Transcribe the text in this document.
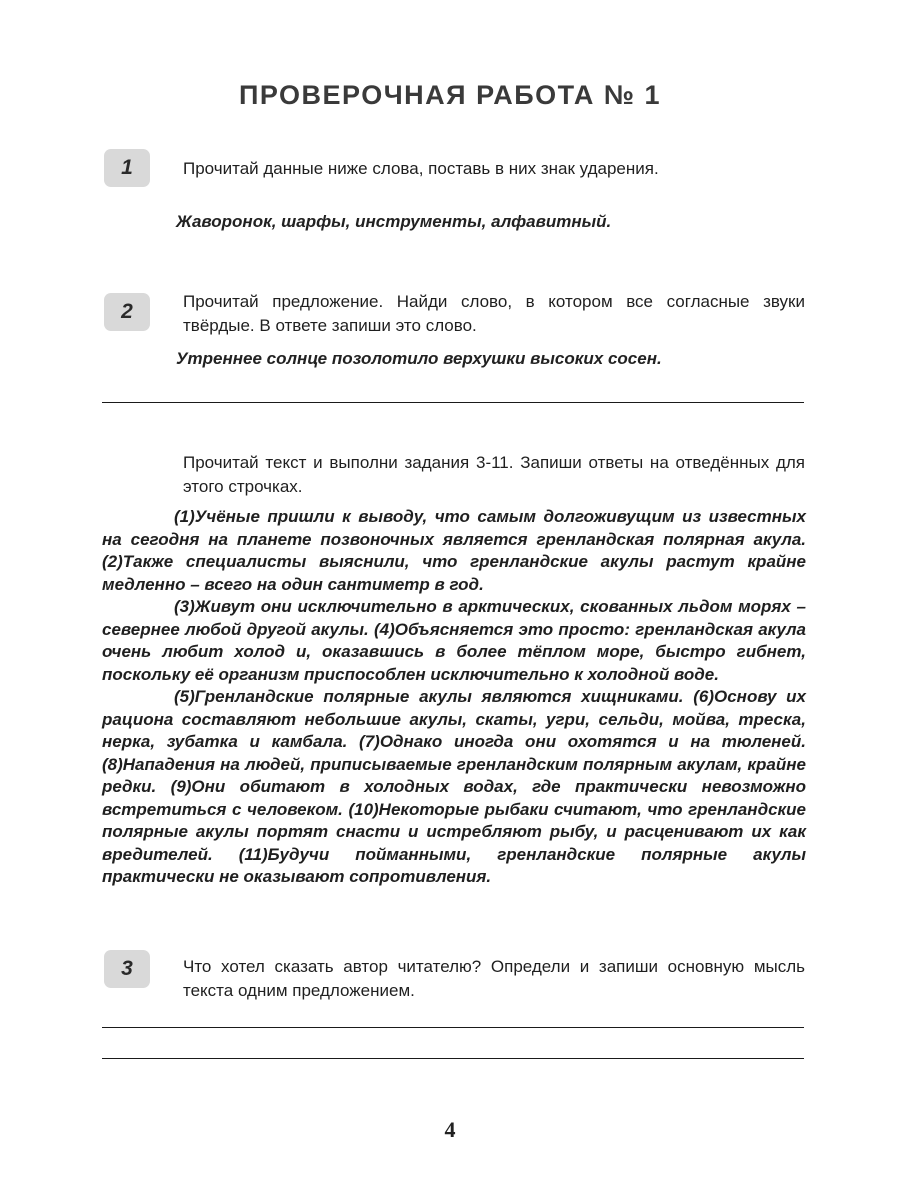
ПРОВЕРОЧНАЯ РАБОТА № 1
1	Прочитай данные ниже слова, поставь в них знак ударения.

Жаворонок, шарфы, инструменты, алфавитный.

2	Прочитай предложение. Найди слово, в котором все согласные звуки твёрдые. В ответе запиши это слово.

Утреннее солнце позолотило верхушки высоких сосен.

Прочитай текст и выполни задания 3-11. Запиши ответы на отведённых для этого строчках.

(1)Учёные пришли к выводу, что самым долгоживущим из известных на сегодня на планете позвоночных является гренландская полярная акула. (2)Также специалисты выяснили, что гренландские акулы растут крайне медленно – всего на один сантиметр в год.

(3)Живут они исключительно в арктических, скованных льдом морях – севернее любой другой акулы. (4)Объясняется это просто: гренландская акула очень любит холод и, оказавшись в более тёплом море, быстро гибнет, поскольку её организм приспособлен исключительно к холодной воде.

(5)Гренландские полярные акулы являются хищниками. (6)Основу их рациона составляют небольшие акулы, скаты, угри, сельди, мойва, треска, нерка, зубатка и камбала. (7)Однако иногда они охотятся и на тюленей. (8)Нападения на людей, приписываемые гренландским полярным акулам, крайне редки. (9)Они обитают в холодных водах, где практически невозможно встретиться с человеком. (10)Некоторые рыбаки считают, что гренландские полярные акулы портят снасти и истребляют рыбу, и расценивают их как вредителей. (11)Будучи пойманными, гренландские полярные акулы практически не оказывают сопротивления.

3	Что хотел сказать автор читателю? Определи и запиши основную мысль текста одним предложением.

4
